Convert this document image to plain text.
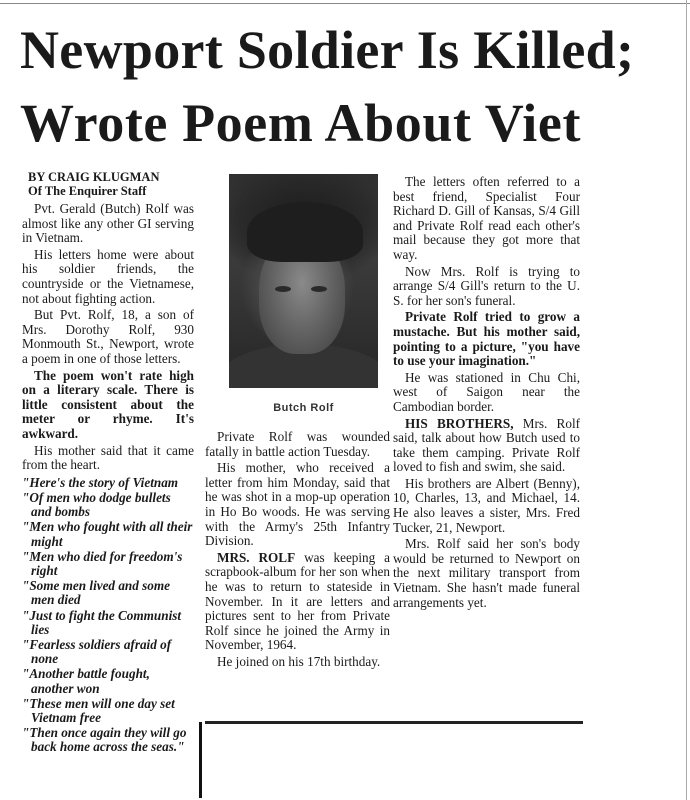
Newport Soldier Is Killed;
Wrote Poem About Viet
BY CRAIG KLUGMAN
Of The Enquirer Staff

Pvt. Gerald (Butch) Rolf was almost like any other GI serving in Vietnam.

His letters home were about his soldier friends, the countryside or the Vietnamese, not about fighting action.

But Pvt. Rolf, 18, a son of Mrs. Dorothy Rolf, 930 Monmouth St., Newport, wrote a poem in one of those letters.

The poem won't rate high on a literary scale. There is little consistent about the meter or rhyme. It's awkward.

His mother said that it came from the heart.

"Here's the story of Vietnam
"Of men who dodge bullets and bombs
"Men who fought with all their might
"Men who died for freedom's right
"Some men lived and some men died
"Just to fight the Communist lies
"Fearless soldiers afraid of none
"Another battle fought, another won
"These men will one day set Vietnam free
"Then once again they will go back home across the seas."
Butch Rolf

Private Rolf was wounded fatally in battle action Tuesday.

His mother, who received a letter from him Monday, said that he was shot in a mop-up operation in Ho Bo woods. He was serving with the Army's 25th Infantry Division.

MRS. ROLF was keeping a scrapbook-album for her son when he was to return to stateside in November. In it are letters and pictures sent to her from Private Rolf since he joined the Army in November, 1964.

He joined on his 17th birthday.

The letters often referred to a best friend, Specialist Four Richard D. Gill of Kansas, S/4 Gill and Private Rolf read each other's mail because they got more that way.

Now Mrs. Rolf is trying to arrange S/4 Gill's return to the U. S. for her son's funeral.

Private Rolf tried to grow a mustache. But his mother said, pointing to a picture, "you have to use your imagination."

He was stationed in Chu Chi, west of Saigon near the Cambodian border.

HIS BROTHERS, Mrs. Rolf said, talk about how Butch used to take them camping. Private Rolf loved to fish and swim, she said.

His brothers are Albert (Benny), 10, Charles, 13, and Michael, 14. He also leaves a sister, Mrs. Fred Tucker, 21, Newport.

Mrs. Rolf said her son's body would be returned to Newport on the next military transport from Vietnam. She hasn't made funeral arrangements yet.
